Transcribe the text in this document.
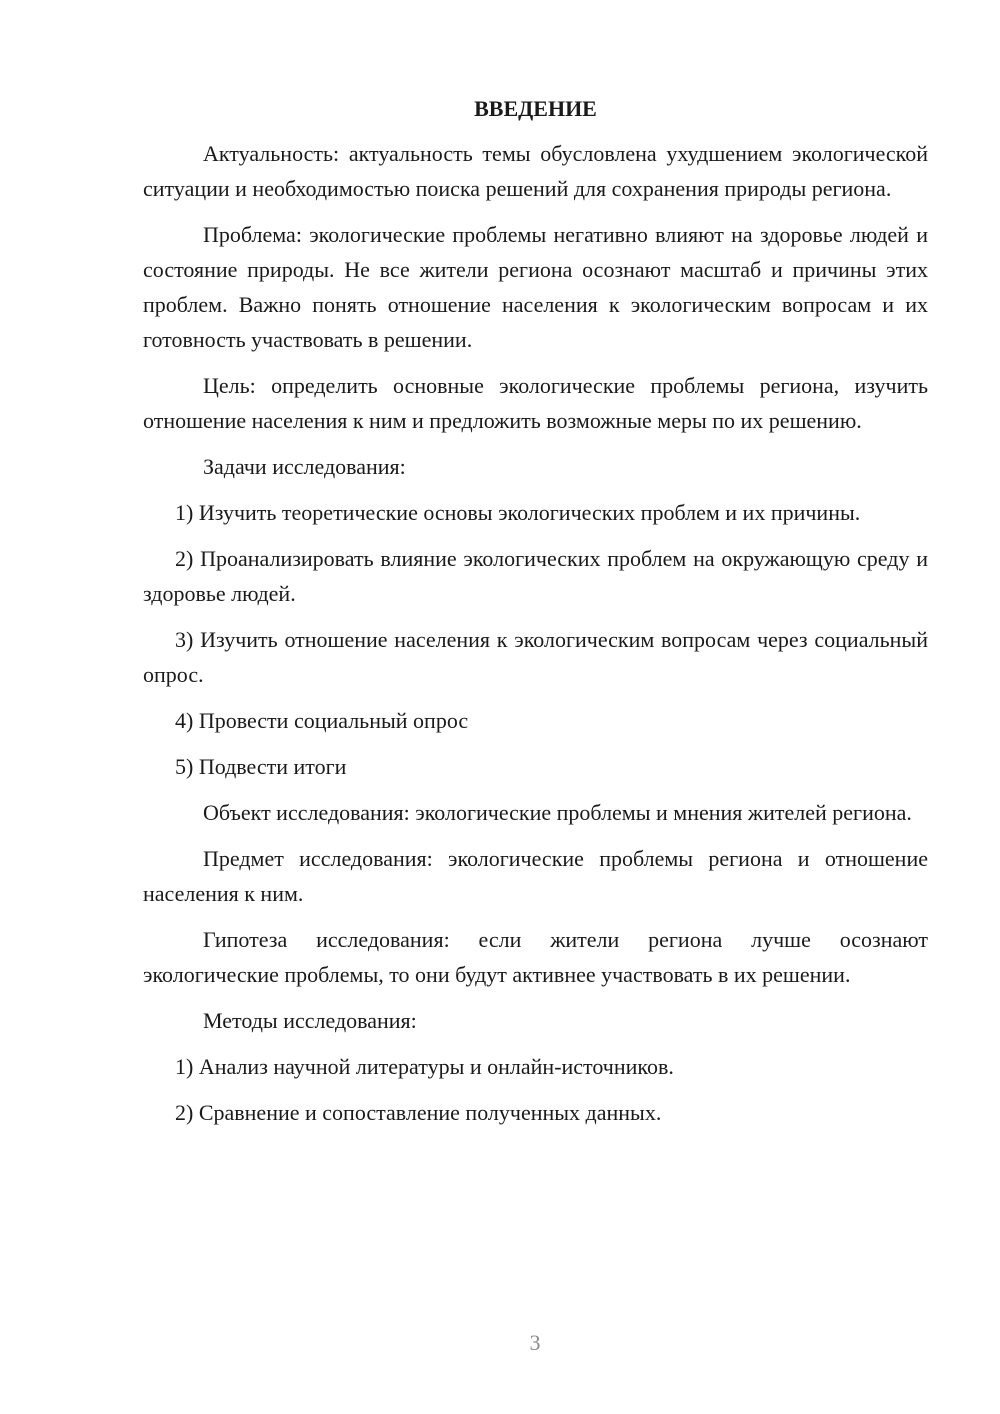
ВВЕДЕНИЕ
Актуальность: актуальность темы обусловлена ухудшением экологической ситуации и необходимостью поиска решений для сохранения природы региона.
Проблема: экологические проблемы негативно влияют на здоровье людей и состояние природы. Не все жители региона осознают масштаб и причины этих проблем. Важно понять отношение населения к экологическим вопросам и их готовность участвовать в решении.
Цель: определить основные экологические проблемы региона, изучить отношение населения к ним и предложить возможные меры по их решению.
Задачи исследования:
1) Изучить теоретические основы экологических проблем и их причины.
2) Проанализировать влияние экологических проблем на окружающую среду и здоровье людей.
3) Изучить отношение населения к экологическим вопросам через социальный опрос.
4) Провести социальный опрос
5) Подвести итоги
Объект исследования: экологические проблемы и мнения жителей региона.
Предмет исследования: экологические проблемы региона и отношение населения к ним.
Гипотеза исследования: если жители региона лучше осознают экологические проблемы, то они будут активнее участвовать в их решении.
Методы исследования:
1) Анализ научной литературы и онлайн-источников.
2) Сравнение и сопоставление полученных данных.
3
